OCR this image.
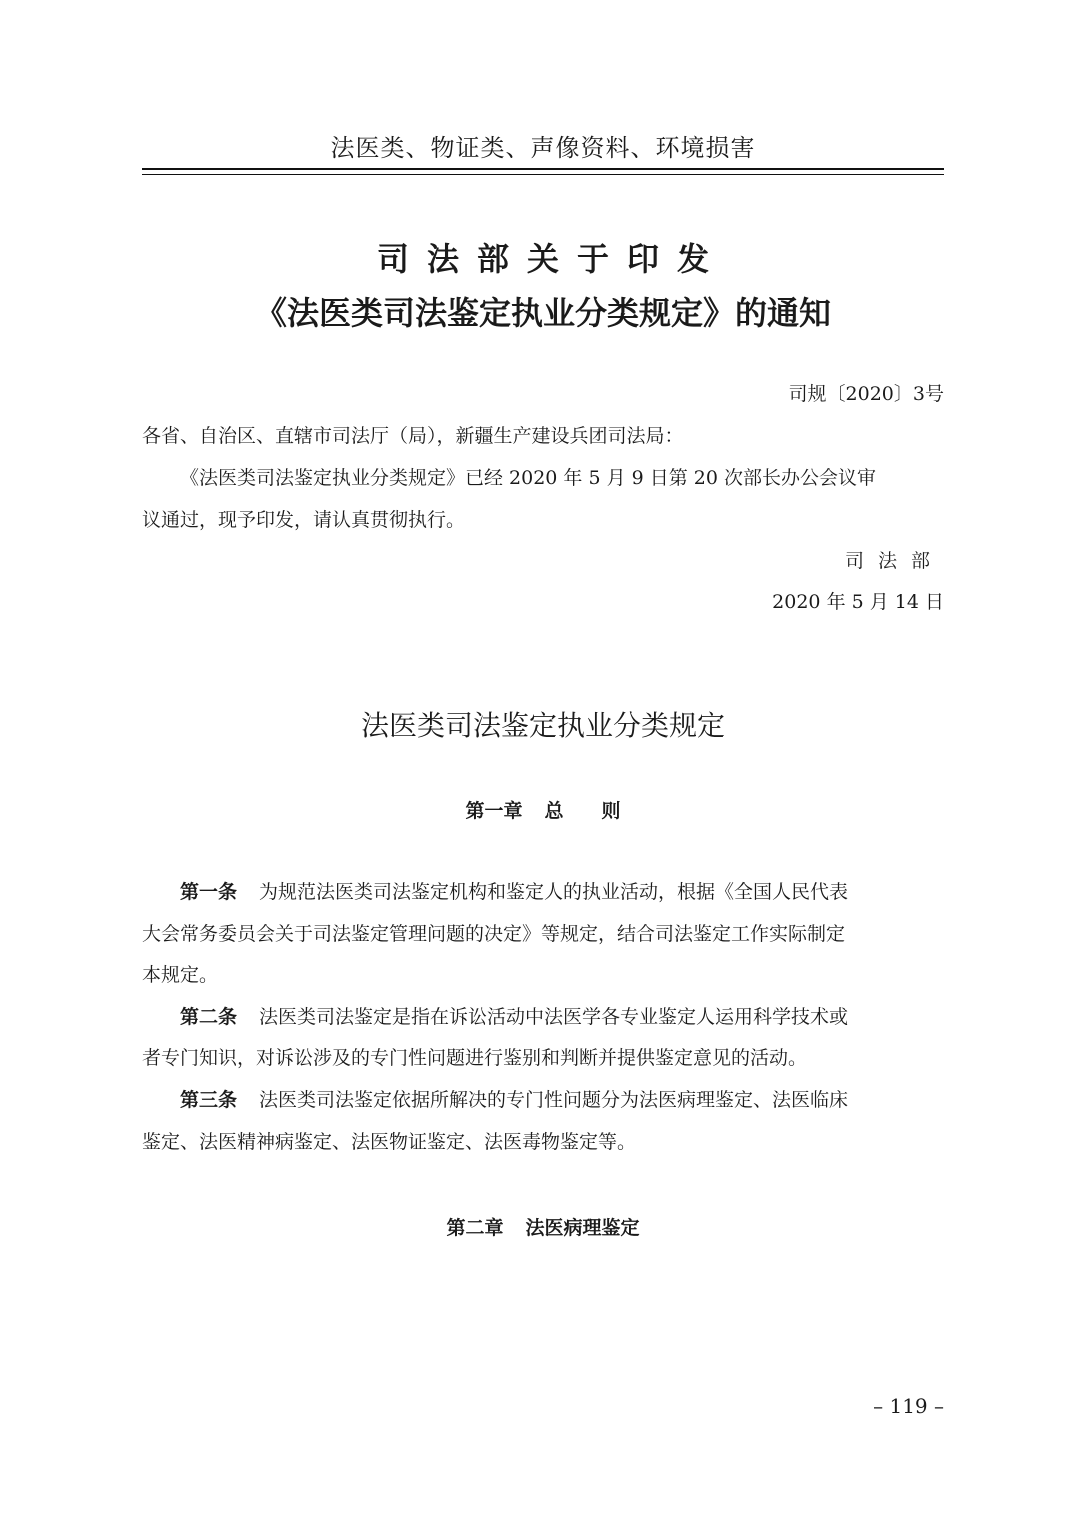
法医类、物证类、声像资料、环境损害
司法部关于印发
《法医类司法鉴定执业分类规定》的通知
司规〔2020〕3号
各省、自治区、直辖市司法厅（局），新疆生产建设兵团司法局：
《法医类司法鉴定执业分类规定》已经 2020 年 5 月 9 日第 20 次部长办公会议审
议通过，现予印发，请认真贯彻执行。
司法部
2020 年 5 月 14 日
法医类司法鉴定执业分类规定
第一章 总　　则
第一条 为规范法医类司法鉴定机构和鉴定人的执业活动，根据《全国人民代表
大会常务委员会关于司法鉴定管理问题的决定》等规定，结合司法鉴定工作实际制定
本规定。
第二条 法医类司法鉴定是指在诉讼活动中法医学各专业鉴定人运用科学技术或
者专门知识，对诉讼涉及的专门性问题进行鉴别和判断并提供鉴定意见的活动。
第三条 法医类司法鉴定依据所解决的专门性问题分为法医病理鉴定、法医临床
鉴定、法医精神病鉴定、法医物证鉴定、法医毒物鉴定等。
第二章 法医病理鉴定
– 119 –
